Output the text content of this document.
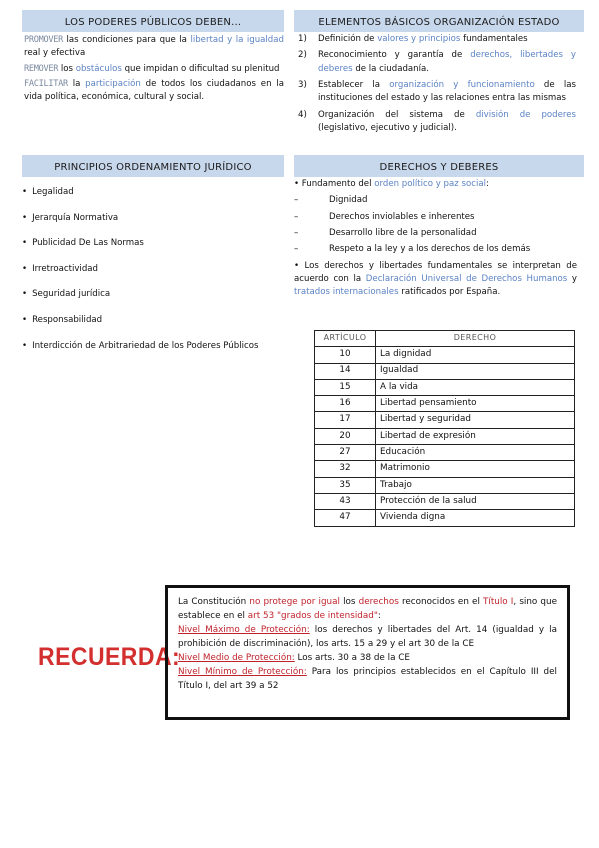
LOS PODERES PÚBLICOS DEBEN...

PROMOVER las condiciones para que la libertad y la igualdad real y efectiva

REMOVER los obstáculos que impidan o dificultad su plenitud

FACILITAR la participación de todos los ciudadanos en la vida política, económica, cultural y social.

ELEMENTOS BÁSICOS ORGANIZACIÓN ESTADO
1) Definición de valores y principios fundamentales
2) Reconocimiento y garantía de derechos, libertades y deberes de la ciudadanía.
3) Establecer la organización y funcionamiento de las instituciones del estado y las relaciones entra las mismas
4) Organización del sistema de división de poderes (legislativo, ejecutivo y judicial).
PRINCIPIOS ORDENAMIENTO JURÍDICO
• Legalidad
• Jerarquía Normativa
• Publicidad De Las Normas
• Irretroactividad
• Seguridad jurídica
• Responsabilidad
• Interdicción de Arbitrariedad de los Poderes Públicos
DERECHOS Y DEBERES

• Fundamento del orden político y paz social:

– Dignidad

– Derechos inviolables e inherentes

– Desarrollo libre de la personalidad

– Respeto a la ley y a los derechos de los demás

• Los derechos y libertades fundamentales se interpretan de acuerdo con la Declaración Universal de Derechos Humanos y tratados internacionales ratificados por España.

ARTÍCULO	DERECHO
10	La dignidad
14	Igualdad
15	A la vida
16	Libertad pensamiento
17	Libertad y seguridad
20	Libertad de expresión
27	Educación
32	Matrimonio
35	Trabajo
43	Protección de la salud
47	Vivienda digna
RECUERDA:

La Constitución no protege por igual los derechos reconocidos en el Título I, sino que establece en el art 53 "grados de intensidad":

Nivel Máximo de Protección: los derechos y libertades del Art. 14 (igualdad y la prohibición de discriminación), los arts. 15 a 29 y el art 30 de la CE

Nivel Medio de Protección: Los arts. 30 a 38 de la CE

Nivel Mínimo de Protección: Para los principios establecidos en el Capítulo III del Título I, del art 39 a 52
